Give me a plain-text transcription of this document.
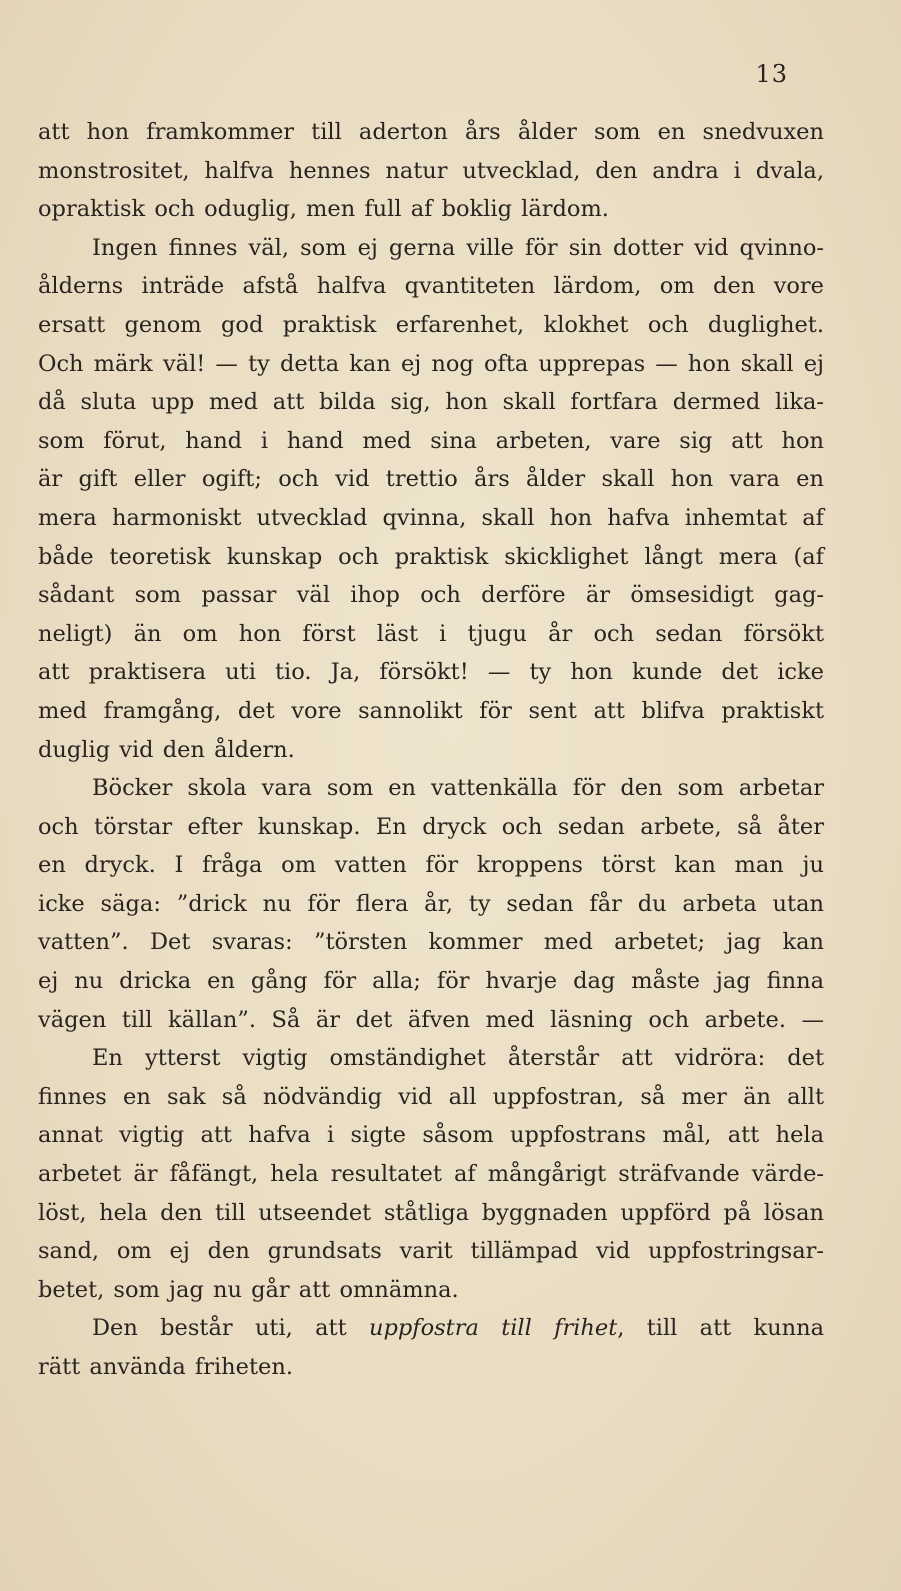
13
att hon framkommer till aderton års ålder som en snedvuxen
monstrositet, halfva hennes natur utvecklad, den andra i dvala,
opraktisk och oduglig, men full af boklig lärdom.
Ingen finnes väl, som ej gerna ville för sin dotter vid qvinno-
ålderns inträde afstå halfva qvantiteten lärdom, om den vore
ersatt genom god praktisk erfarenhet, klokhet och duglighet.
Och märk väl! — ty detta kan ej nog ofta upprepas — hon skall ej
då sluta upp med att bilda sig, hon skall fortfara dermed lika-
som förut, hand i hand med sina arbeten, vare sig att hon
är gift eller ogift; och vid trettio års ålder skall hon vara en
mera harmoniskt utvecklad qvinna, skall hon hafva inhemtat af
både teoretisk kunskap och praktisk skicklighet långt mera (af
sådant som passar väl ihop och derföre är ömsesidigt gag-
neligt) än om hon först läst i tjugu år och sedan försökt
att praktisera uti tio. Ja, försökt! — ty hon kunde det icke
med framgång, det vore sannolikt för sent att blifva praktiskt
duglig vid den åldern.
Böcker skola vara som en vattenkälla för den som arbetar
och törstar efter kunskap. En dryck och sedan arbete, så åter
en dryck. I fråga om vatten för kroppens törst kan man ju
icke säga: ”drick nu för flera år, ty sedan får du arbeta utan
vatten”. Det svaras: ”törsten kommer med arbetet; jag kan
ej nu dricka en gång för alla; för hvarje dag måste jag finna
vägen till källan”. Så är det äfven med läsning och arbete. —
En ytterst vigtig omständighet återstår att vidröra: det
finnes en sak så nödvändig vid all uppfostran, så mer än allt
annat vigtig att hafva i sigte såsom uppfostrans mål, att hela
arbetet är fåfängt, hela resultatet af mångårigt sträfvande värde-
löst, hela den till utseendet ståtliga byggnaden uppförd på lösan
sand, om ej den grundsats varit tillämpad vid uppfostringsar-
betet, som jag nu går att omnämna.
Den består uti, att uppfostra till frihet, till att kunna
rätt använda friheten.
